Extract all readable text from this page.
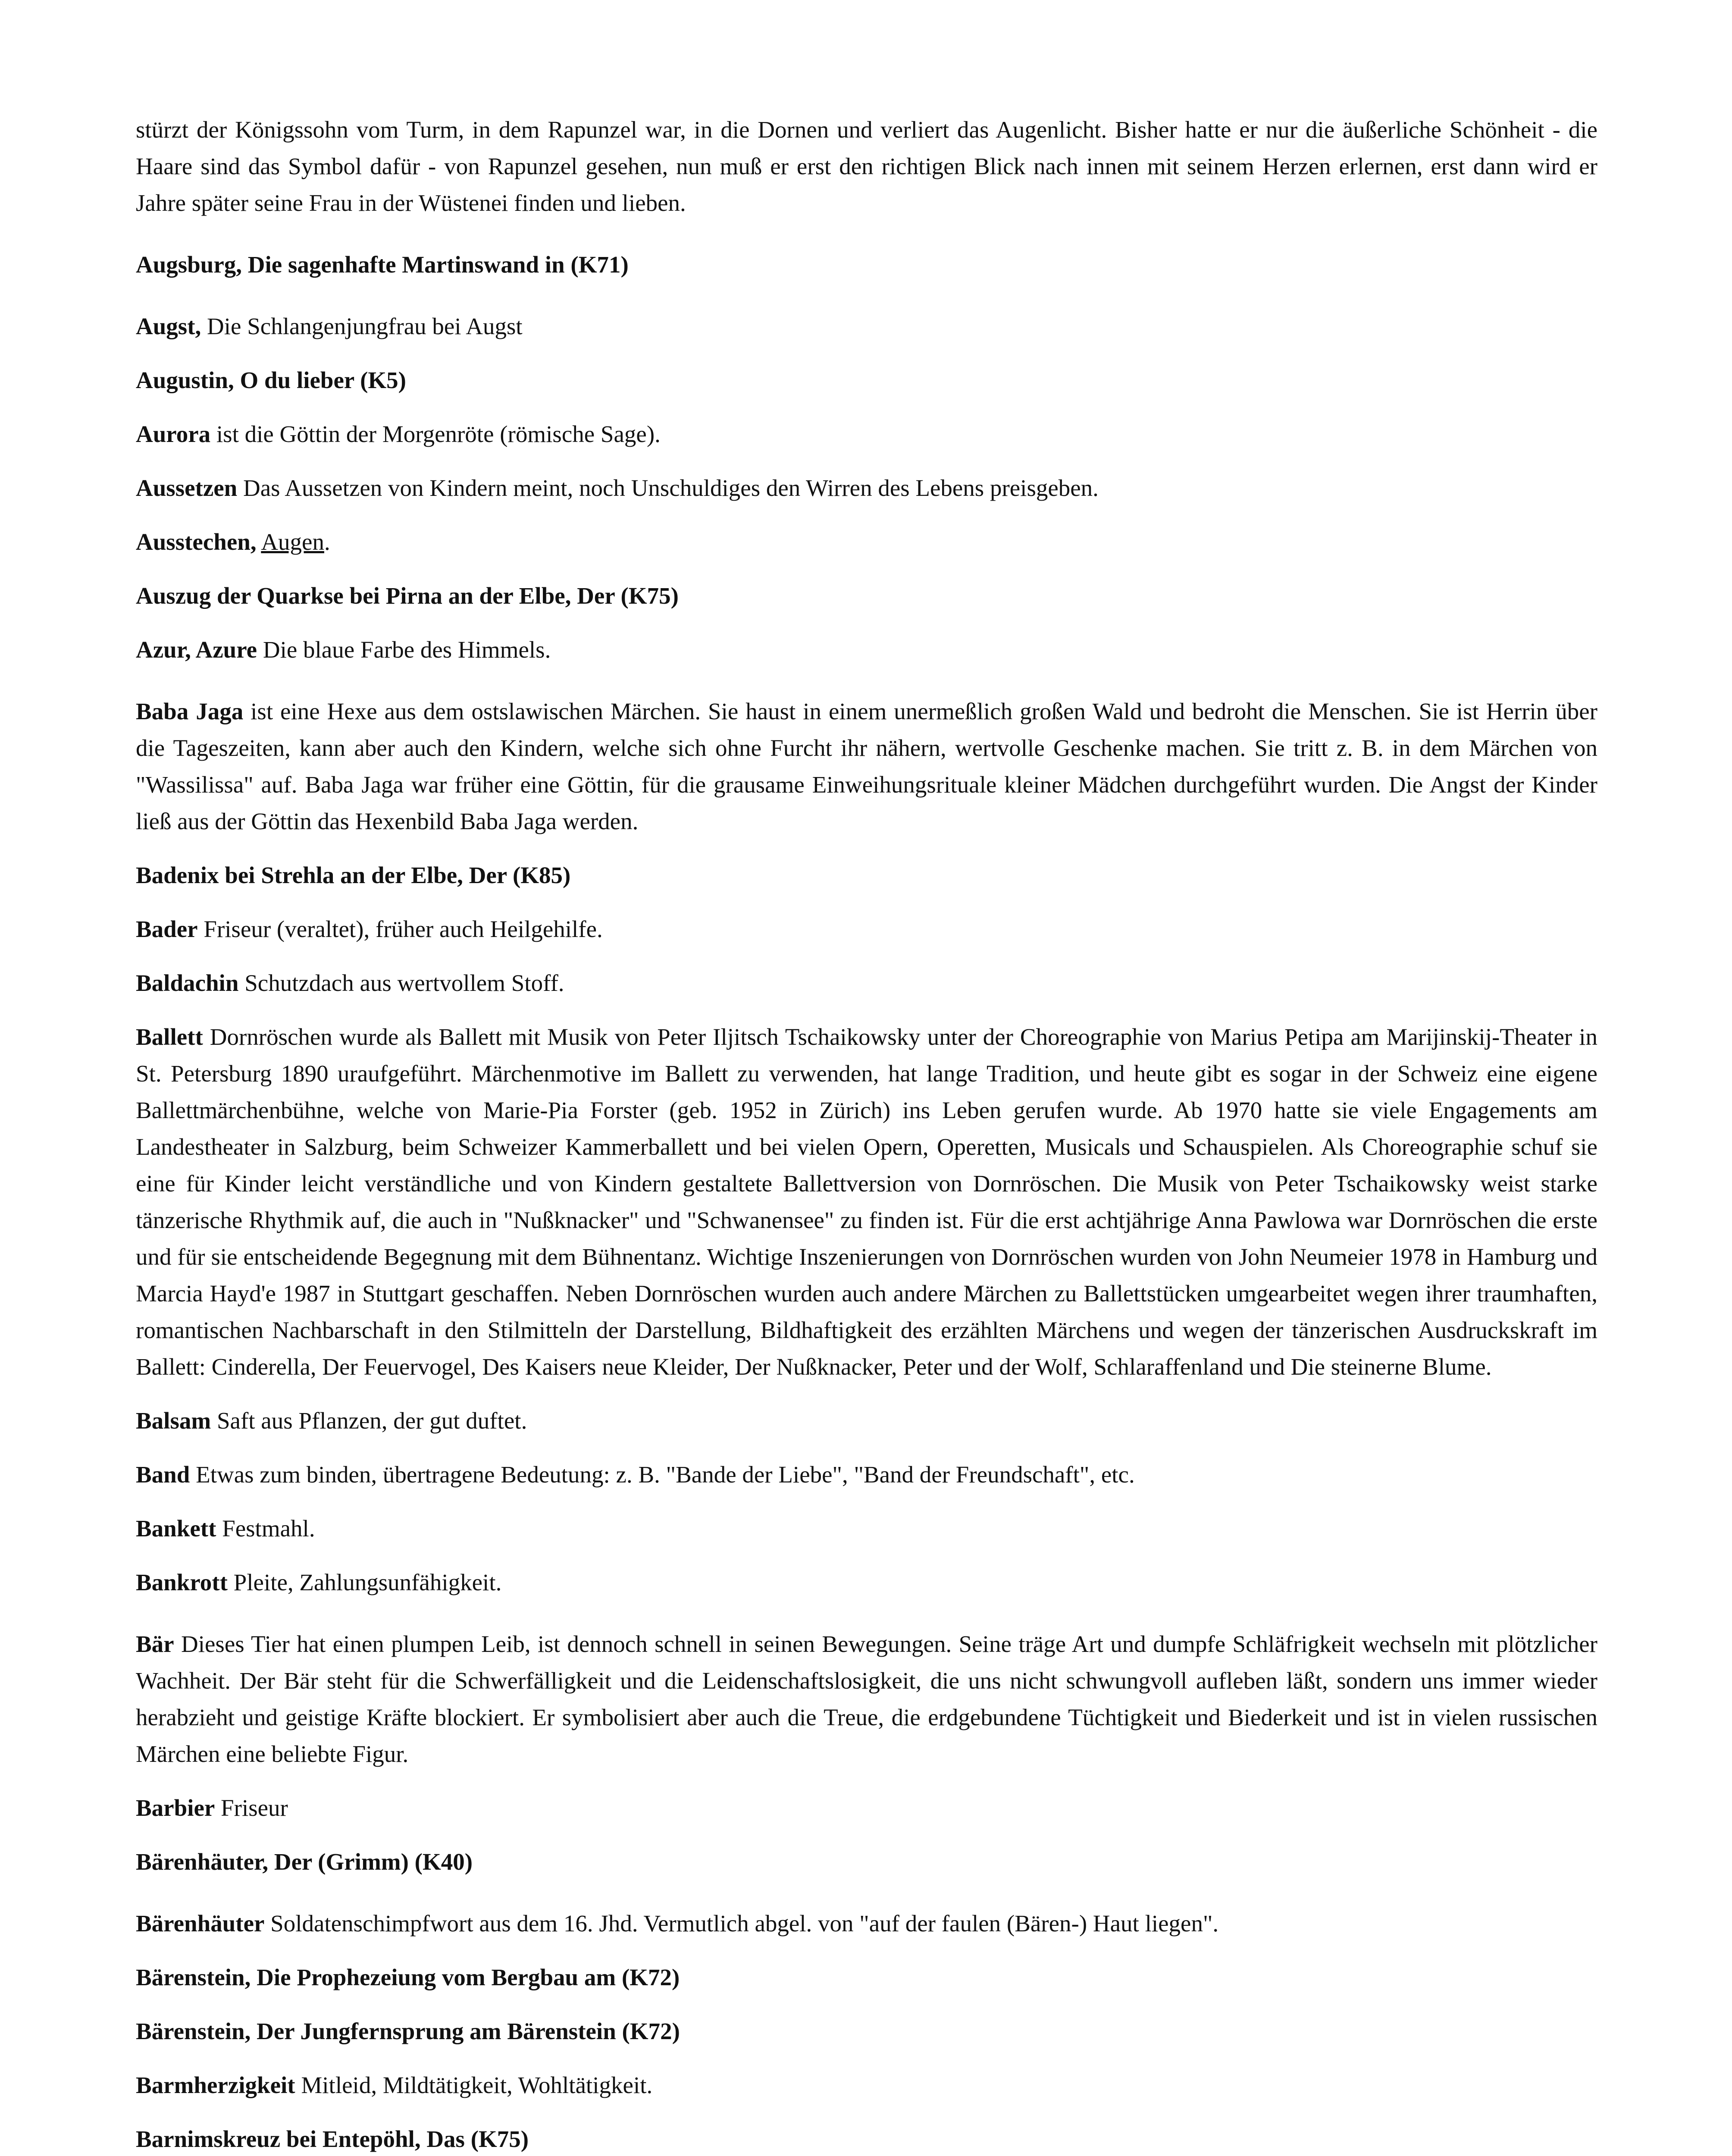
stürzt der Königssohn vom Turm, in dem Rapunzel war, in die Dornen und verliert das Augenlicht. Bisher hatte er nur die äußerliche Schönheit - die Haare sind das Symbol dafür - von Rapunzel gesehen, nun muß er erst den richtigen Blick nach innen mit seinem Herzen erlernen, erst dann wird er Jahre später seine Frau in der Wüstenei finden und lieben.

Augsburg, Die sagenhafte Martinswand in (K71)

Augst, Die Schlangenjungfrau bei Augst

Augustin, O du lieber (K5)

Aurora ist die Göttin der Morgenröte (römische Sage).

Aussetzen Das Aussetzen von Kindern meint, noch Unschuldiges den Wirren des Lebens preisgeben.

Ausstechen, Augen.

Auszug der Quarkse bei Pirna an der Elbe, Der (K75)

Azur, Azure Die blaue Farbe des Himmels.

Baba Jaga ist eine Hexe aus dem ostslawischen Märchen. Sie haust in einem unermeßlich großen Wald und bedroht die Menschen. Sie ist Herrin über die Tageszeiten, kann aber auch den Kindern, welche sich ohne Furcht ihr nähern, wertvolle Geschenke machen. Sie tritt z. B. in dem Märchen von "Wassilissa" auf. Baba Jaga war früher eine Göttin, für die grausame Einweihungsrituale kleiner Mädchen durchgeführt wurden. Die Angst der Kinder ließ aus der Göttin das Hexenbild Baba Jaga werden.

Badenix bei Strehla an der Elbe, Der (K85)

Bader Friseur (veraltet), früher auch Heilgehilfe.

Baldachin Schutzdach aus wertvollem Stoff.

Ballett Dornröschen wurde als Ballett mit Musik von Peter Iljitsch Tschaikowsky unter der Choreographie von Marius Petipa am Marijinskij-Theater in St. Petersburg 1890 uraufgeführt. Märchenmotive im Ballett zu verwenden, hat lange Tradition, und heute gibt es sogar in der Schweiz eine eigene Ballettmärchenbühne, welche von Marie-Pia Forster (geb. 1952 in Zürich) ins Leben gerufen wurde. Ab 1970 hatte sie viele Engagements am Landestheater in Salzburg, beim Schweizer Kammerballett und bei vielen Opern, Operetten, Musicals und Schauspielen. Als Choreographie schuf sie eine für Kinder leicht verständliche und von Kindern gestaltete Ballettversion von Dornröschen. Die Musik von Peter Tschaikowsky weist starke tänzerische Rhythmik auf, die auch in "Nußknacker" und "Schwanensee" zu finden ist. Für die erst achtjährige Anna Pawlowa war Dornröschen die erste und für sie entscheidende Begegnung mit dem Bühnentanz. Wichtige Inszenierungen von Dornröschen wurden von John Neumeier 1978 in Hamburg und Marcia Hayd'e 1987 in Stuttgart geschaffen. Neben Dornröschen wurden auch andere Märchen zu Ballettstücken umgearbeitet wegen ihrer traumhaften, romantischen Nachbarschaft in den Stilmitteln der Darstellung, Bildhaftigkeit des erzählten Märchens und wegen der tänzerischen Ausdruckskraft im Ballett: Cinderella, Der Feuervogel, Des Kaisers neue Kleider, Der Nußknacker, Peter und der Wolf, Schlaraffenland und Die steinerne Blume.

Balsam Saft aus Pflanzen, der gut duftet.

Band Etwas zum binden, übertragene Bedeutung: z. B. "Bande der Liebe", "Band der Freundschaft", etc.

Bankett Festmahl.

Bankrott Pleite, Zahlungsunfähigkeit.

Bär Dieses Tier hat einen plumpen Leib, ist dennoch schnell in seinen Bewegungen. Seine träge Art und dumpfe Schläfrigkeit wechseln mit plötzlicher Wachheit. Der Bär steht für die Schwerfälligkeit und die Leidenschaftslosigkeit, die uns nicht schwungvoll aufleben läßt, sondern uns immer wieder herabzieht und geistige Kräfte blockiert. Er symbolisiert aber auch die Treue, die erdgebundene Tüchtigkeit und Biederkeit und ist in vielen russischen Märchen eine beliebte Figur.

Barbier Friseur

Bärenhäuter, Der (Grimm) (K40)

Bärenhäuter Soldatenschimpfwort aus dem 16. Jhd. Vermutlich abgel. von "auf der faulen (Bären-) Haut liegen".

Bärenstein, Die Prophezeiung vom Bergbau am (K72)

Bärenstein, Der Jungfernsprung am Bärenstein (K72)

Barmherzigkeit Mitleid, Mildtätigkeit, Wohltätigkeit.

Barnimskreuz bei Entepöhl, Das (K75)
